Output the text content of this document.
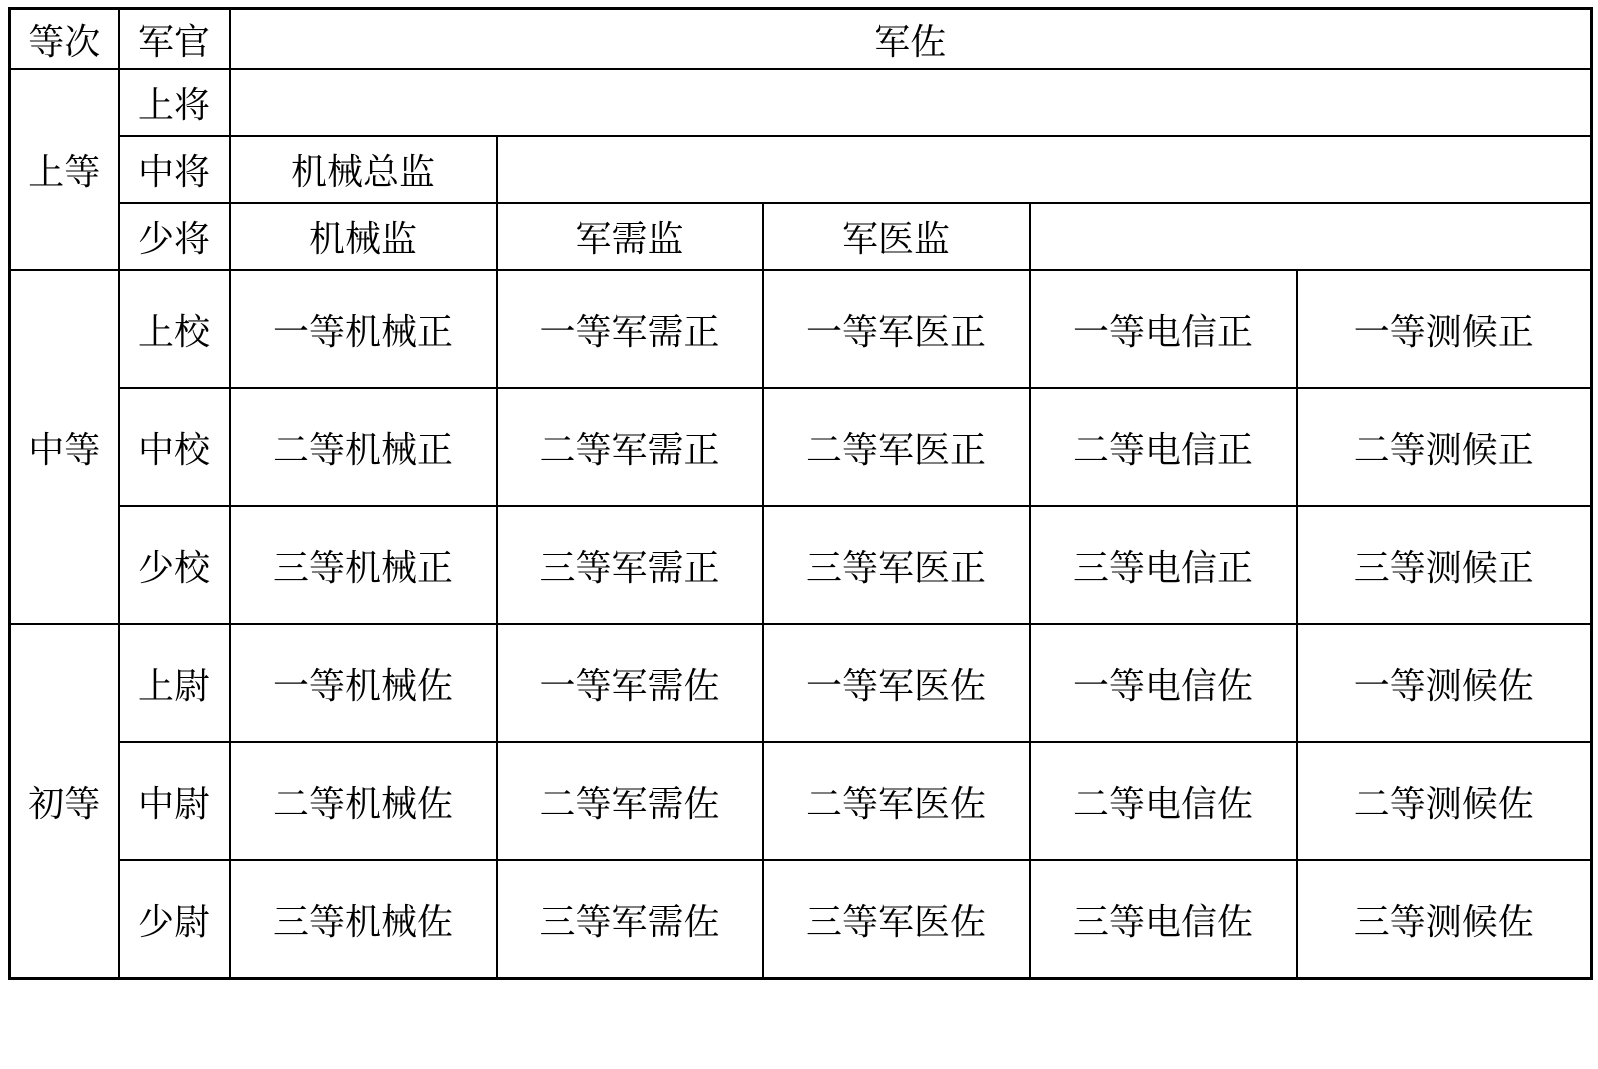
等次	军官	军佐				
上等	上将					
	中将	机械总监				
	少将	机械监	军需监	军医监		
中等	上校	一等机械正	一等军需正	一等军医正	一等电信正	一等测候正
	中校	二等机械正	二等军需正	二等军医正	二等电信正	二等测候正
	少校	三等机械正	三等军需正	三等军医正	三等电信正	三等测候正
初等	上尉	一等机械佐	一等军需佐	一等军医佐	一等电信佐	一等测候佐
	中尉	二等机械佐	二等军需佐	二等军医佐	二等电信佐	二等测候佐
	少尉	三等机械佐	三等军需佐	三等军医佐	三等电信佐	三等测候佐
